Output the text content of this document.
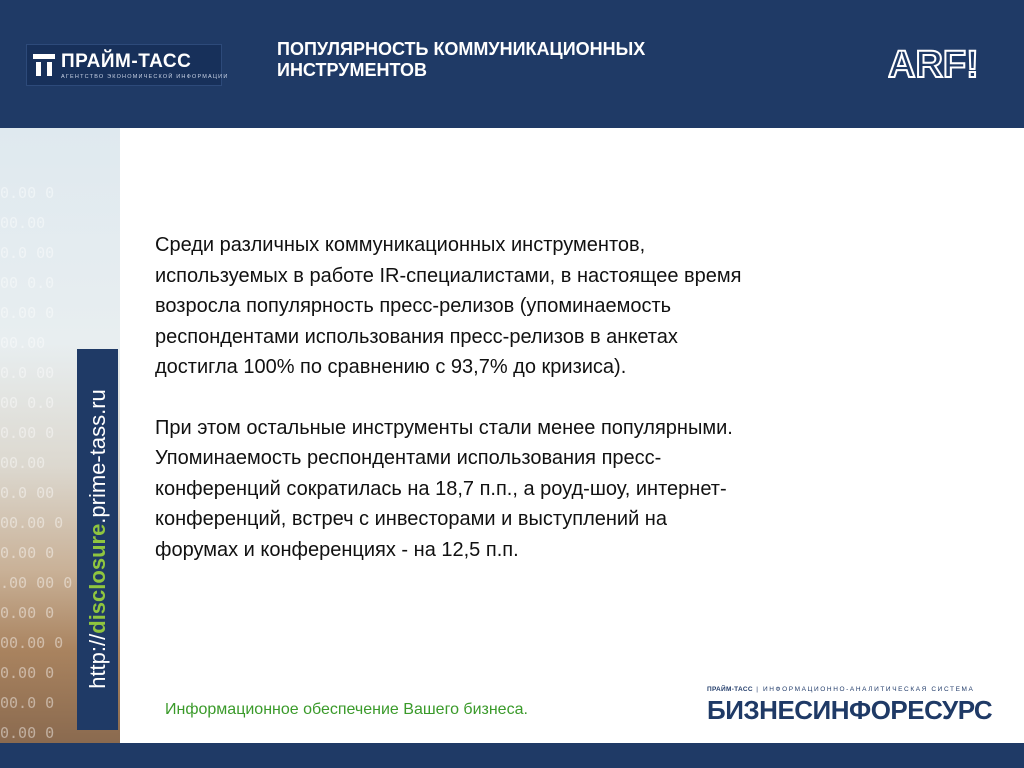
ПРАЙМ-ТАСС
АГЕНТСТВО ЭКОНОМИЧЕСКОЙ ИНФОРМАЦИИ
ПОПУЛЯРНОСТЬ КОММУНИКАЦИОННЫХ
ИНСТРУМЕНТОВ	ARF!
0.00 0
00.00
0.0 00
00 0.0
0.00 0
00.00
0.0 00
00 0.0
0.00 0
00.00
0.0 00
00.00 0
0.00 0
.00 00 0
0.00 0
00.00 0
0.00 0
00.0 0
0.00 0
http://disclosure.prime-tass.ru

Среди различных коммуникационных инструментов,
используемых в работе IR-специалистами, в настоящее время
возросла популярность пресс-релизов (упоминаемость
респондентами использования пресс-релизов в анкетах
достигла 100% по сравнению с 93,7% до кризиса).

При этом остальные инструменты стали менее популярными.
Упоминаемость респондентами использования пресс-
конференций сократилась на 18,7 п.п., а роуд-шоу, интернет-
конференций, встреч с инвесторами и выступлений на
форумах и конференциях - на 12,5 п.п.

Информационное обеспечение Вашего бизнеса.
ПРАЙМ-ТАСС | ИНФОРМАЦИОННО-АНАЛИТИЧЕСКАЯ СИСТЕМА
БИЗНЕСИНФОРЕСУРС
